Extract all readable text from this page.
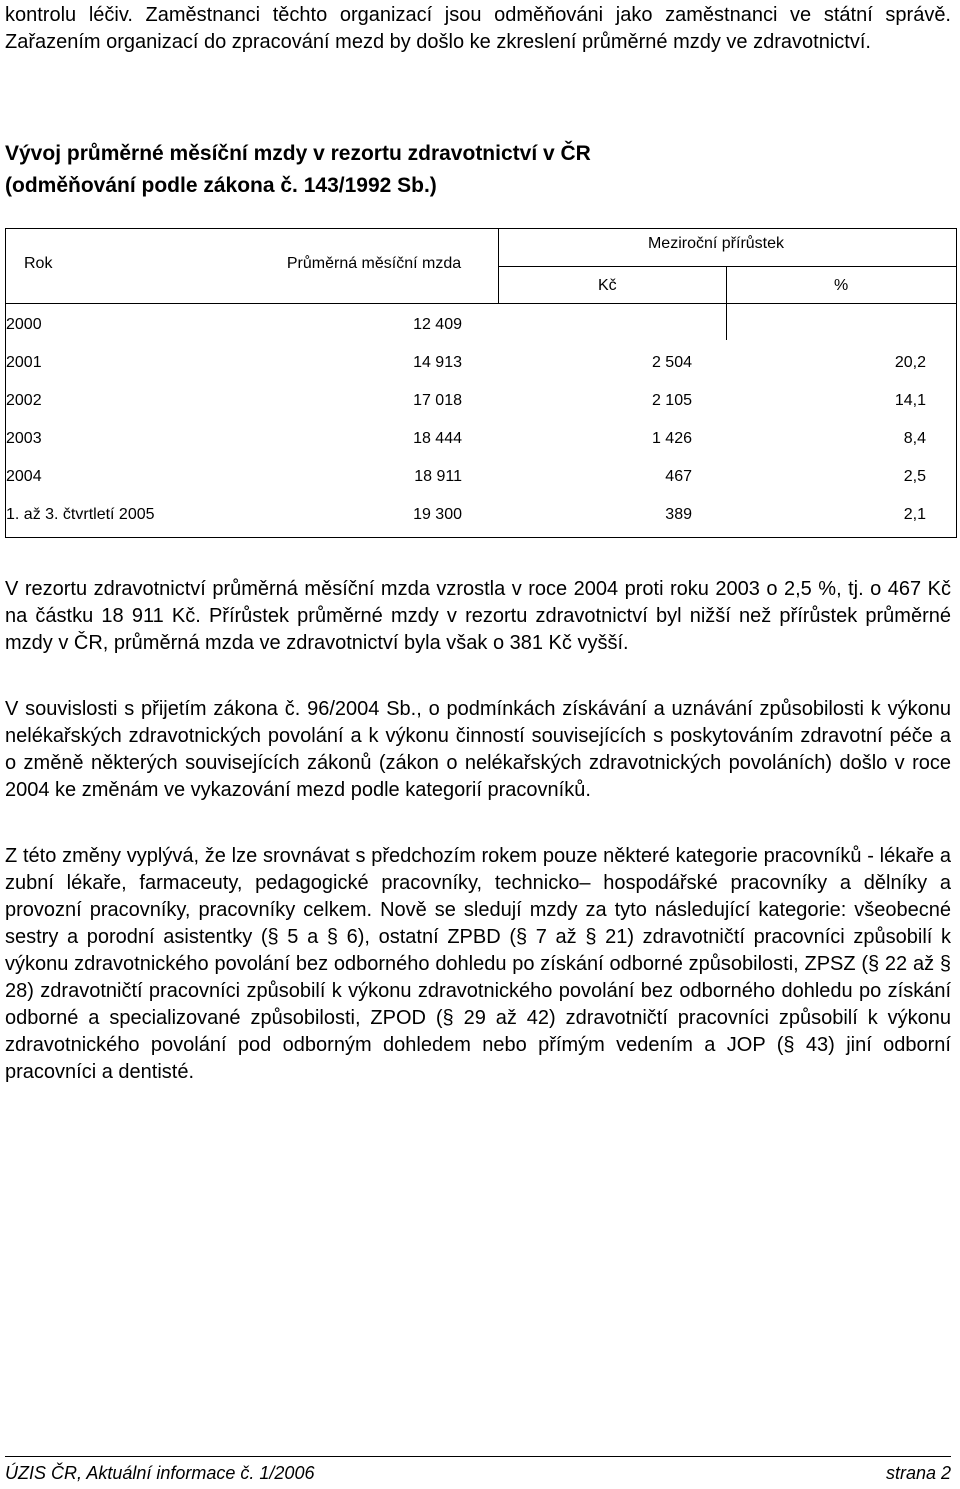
kontrolu léčiv. Zaměstnanci těchto organizací jsou odměňováni jako zaměstnanci ve státní správě. Zařazením organizací do zpracování mezd by došlo ke zkreslení průměrné mzdy ve zdravotnictví.
Vývoj průměrné měsíční mzdy v rezortu zdravotnictví v ČR
(odměňování podle zákona č. 143/1992 Sb.)
Rok	Průměrná měsíční mzda
Meziroční přírůstek
Kč	%
2000	12 409
2001	14 913	2 504	20,2
2002	17 018	2 105	14,1
2003	18 444	1 426	8,4
2004	18 911	467	2,5
1. až 3. čtvrtletí 2005	19 300	389	2,1
V rezortu zdravotnictví průměrná měsíční mzda vzrostla v roce 2004 proti roku 2003 o 2,5 %, tj. o 467 Kč na částku 18 911 Kč. Přírůstek průměrné mzdy v rezortu zdravotnictví byl nižší než přírůstek průměrné mzdy v ČR, průměrná mzda ve zdravotnictví byla však o 381 Kč vyšší.
V souvislosti s přijetím zákona č. 96/2004 Sb., o podmínkách získávání a uznávání způsobilosti k výkonu nelékařských zdravotnických povolání a k výkonu činností souvisejících s poskytováním zdravotní péče a o změně některých souvisejících zákonů (zákon o nelékařských zdravotnických povoláních) došlo v roce 2004 ke změnám ve vykazování mezd podle kategorií pracovníků.
Z této změny vyplývá, že lze srovnávat s předchozím rokem pouze některé kategorie pracovníků - lékaře a zubní lékaře, farmaceuty, pedagogické pracovníky, technicko– hospodářské pracovníky a dělníky a provozní pracovníky, pracovníky celkem. Nově se sledují mzdy za tyto následující kategorie: všeobecné sestry a porodní asistentky (§ 5 a § 6), ostatní ZPBD (§ 7 až § 21) zdravotničtí pracovníci způsobilí k výkonu zdravotnického povolání bez odborného dohledu po získání odborné způsobilosti, ZPSZ (§ 22 až § 28) zdravotničtí pracovníci způsobilí k výkonu zdravotnického povolání bez odborného dohledu po získání odborné a specializované způsobilosti, ZPOD (§ 29 až 42) zdravotničtí pracovníci způsobilí k výkonu zdravotnického povolání pod odborným dohledem nebo přímým vedením a JOP (§ 43) jiní odborní pracovníci a dentisté.
ÚZIS ČR, Aktuální informace č. 1/2006	strana 2
